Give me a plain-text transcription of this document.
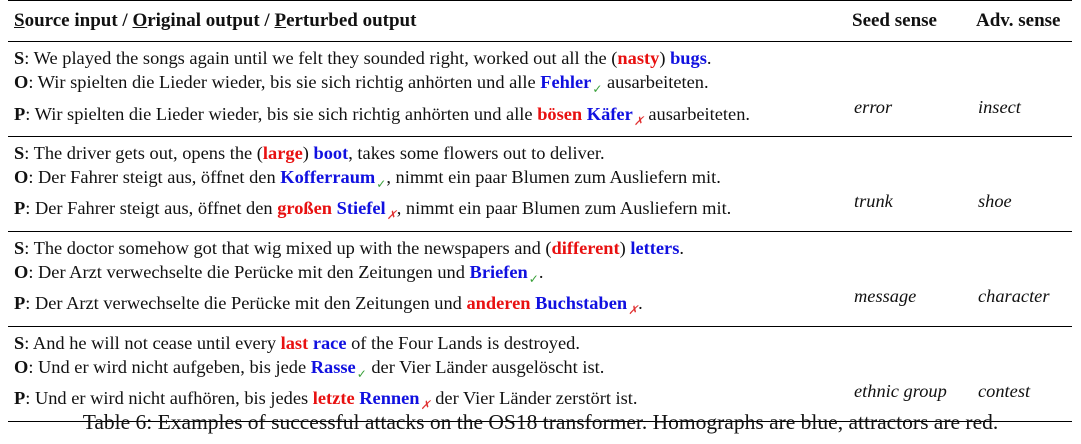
Source input / Original output / Perturbed output	Seed sense	Adv. sense

S: We played the songs again until we felt they sounded right, worked out all the (nasty) bugs.
O: Wir spielten die Lieder wieder, bis sie sich richtig anhörten und alle Fehler$_✓$ ausarbeiteten.
P: Wir spielten die Lieder wieder, bis sie sich richtig anhörten und alle bösen Käfer$_✗$ ausarbeiteten.	error	insect

S: The driver gets out, opens the (large) boot, takes some flowers out to deliver.
O: Der Fahrer steigt aus, öffnet den Kofferraum$_✓$, nimmt ein paar Blumen zum Ausliefern mit.
P: Der Fahrer steigt aus, öffnet den großen Stiefel$_✗$, nimmt ein paar Blumen zum Ausliefern mit.	trunk	shoe

S: The doctor somehow got that wig mixed up with the newspapers and (different) letters.
O: Der Arzt verwechselte die Perücke mit den Zeitungen und Briefen$_✓$.
P: Der Arzt verwechselte die Perücke mit den Zeitungen und anderen Buchstaben$_✗$.	message	character

S: And he will not cease until every last race of the Four Lands is destroyed.
O: Und er wird nicht aufgeben, bis jede Rasse$_✓$ der Vier Länder ausgelöscht ist.
P: Und er wird nicht aufhören, bis jedes letzte Rennen$_✗$ der Vier Länder zerstört ist.	ethnic group	contest
Table 6: Examples of successful attacks on the OS18 transformer. Homographs are blue, attractors are red.
